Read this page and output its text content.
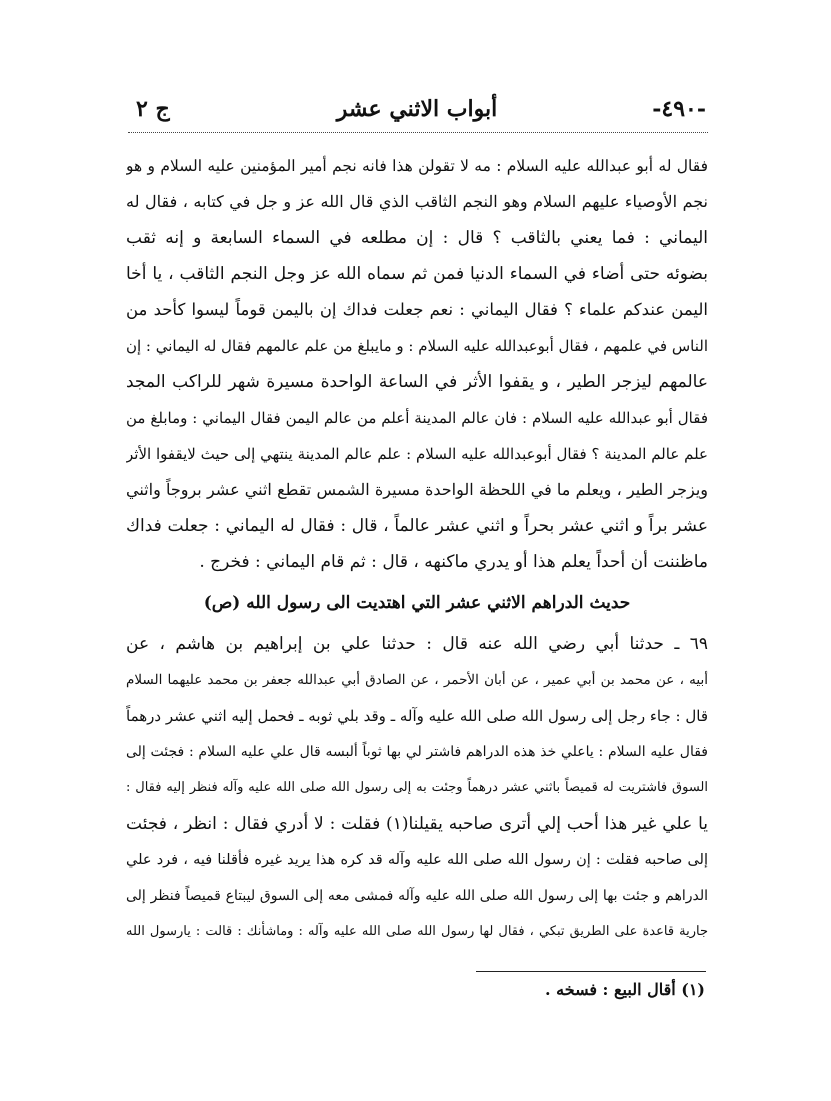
-٤٩٠-
أبواب الاثني عشر
ج ٢
فقال له أبو عبدالله عليه السلام : مه لا تقولن هذا فانه نجم أمير المؤمنين عليه السلام و هو
نجم الأوصياء عليهم السلام وهو النجم الثاقب الذي قال الله عز و جل في كتابه ، فقال له
اليماني : فما يعني بالثاقب ؟ قال : إن مطلعه في السماء السابعة و إنه ثقب
بضوئه حتى أضاء في السماء الدنيا فمن ثم سماه الله عز وجل النجم الثاقب ، يا أخا
اليمن عندكم علماء ؟ فقال اليماني : نعم جعلت فداك إن باليمن قوماً ليسوا كأحد من
الناس في علمهم ، فقال أبوعبدالله عليه السلام : و مايبلغ من علم عالمهم فقال له اليماني : إن
عالمهم ليزجر الطير ، و يقفوا الأثر في الساعة الواحدة مسيرة شهر للراكب المجد
فقال أبو عبدالله عليه السلام : فان عالم المدينة أعلم من عالم اليمن فقال اليماني : ومابلغ من
علم عالم المدينة ؟ فقال أبوعبدالله عليه السلام : علم عالم المدينة ينتهي إلى حيث لايقفوا الأثر
ويزجر الطير ، ويعلم ما في اللحظة الواحدة مسيرة الشمس تقطع اثني عشر بروجاً واثني
عشر براً و اثني عشر بحراً و اثني عشر عالماً ، قال : فقال له اليماني : جعلت فداك
ماظننت أن أحداً يعلم هذا أو يدري ماكنهه ، قال : ثم قام اليماني : فخرج .
حديث الدراهم الاثني عشر التي اهتديت الى رسول الله (ص)
٦٩ ـ حدثنا أبي رضي الله عنه قال : حدثنا علي بن إبراهيم بن هاشم ، عن
أبيه ، عن محمد بن أبي عمير ، عن أبان الأحمر ، عن الصادق أبي عبدالله جعفر بن محمد عليهما السلام
قال : جاء رجل إلى رسول الله صلى الله عليه وآله ـ وقد بلي ثوبه ـ فحمل إليه اثني عشر درهماً
فقال عليه السلام : ياعلي خذ هذه الدراهم فاشتر لي بها ثوباً ألبسه قال علي عليه السلام : فجئت إلى
السوق فاشتريت له قميصاً باثني عشر درهماً وجئت به إلى رسول الله صلى الله عليه وآله فنظر إليه فقال :
يا علي غير هذا أحب إلي أترى صاحبه يقيلنا(١) فقلت : لا أدري فقال : انظر ، فجئت
إلى صاحبه فقلت : إن رسول الله صلى الله عليه وآله قد كره هذا يريد غيره فأقلنا فيه ، فرد علي
الدراهم و جئت بها إلى رسول الله صلى الله عليه وآله فمشى معه إلى السوق ليبتاع قميصاً فنظر إلى
جارية قاعدة على الطريق تبكي ، فقال لها رسول الله صلى الله عليه وآله : وماشأنك : قالت : يارسول الله
(١) أقال البيع : فسخه .
